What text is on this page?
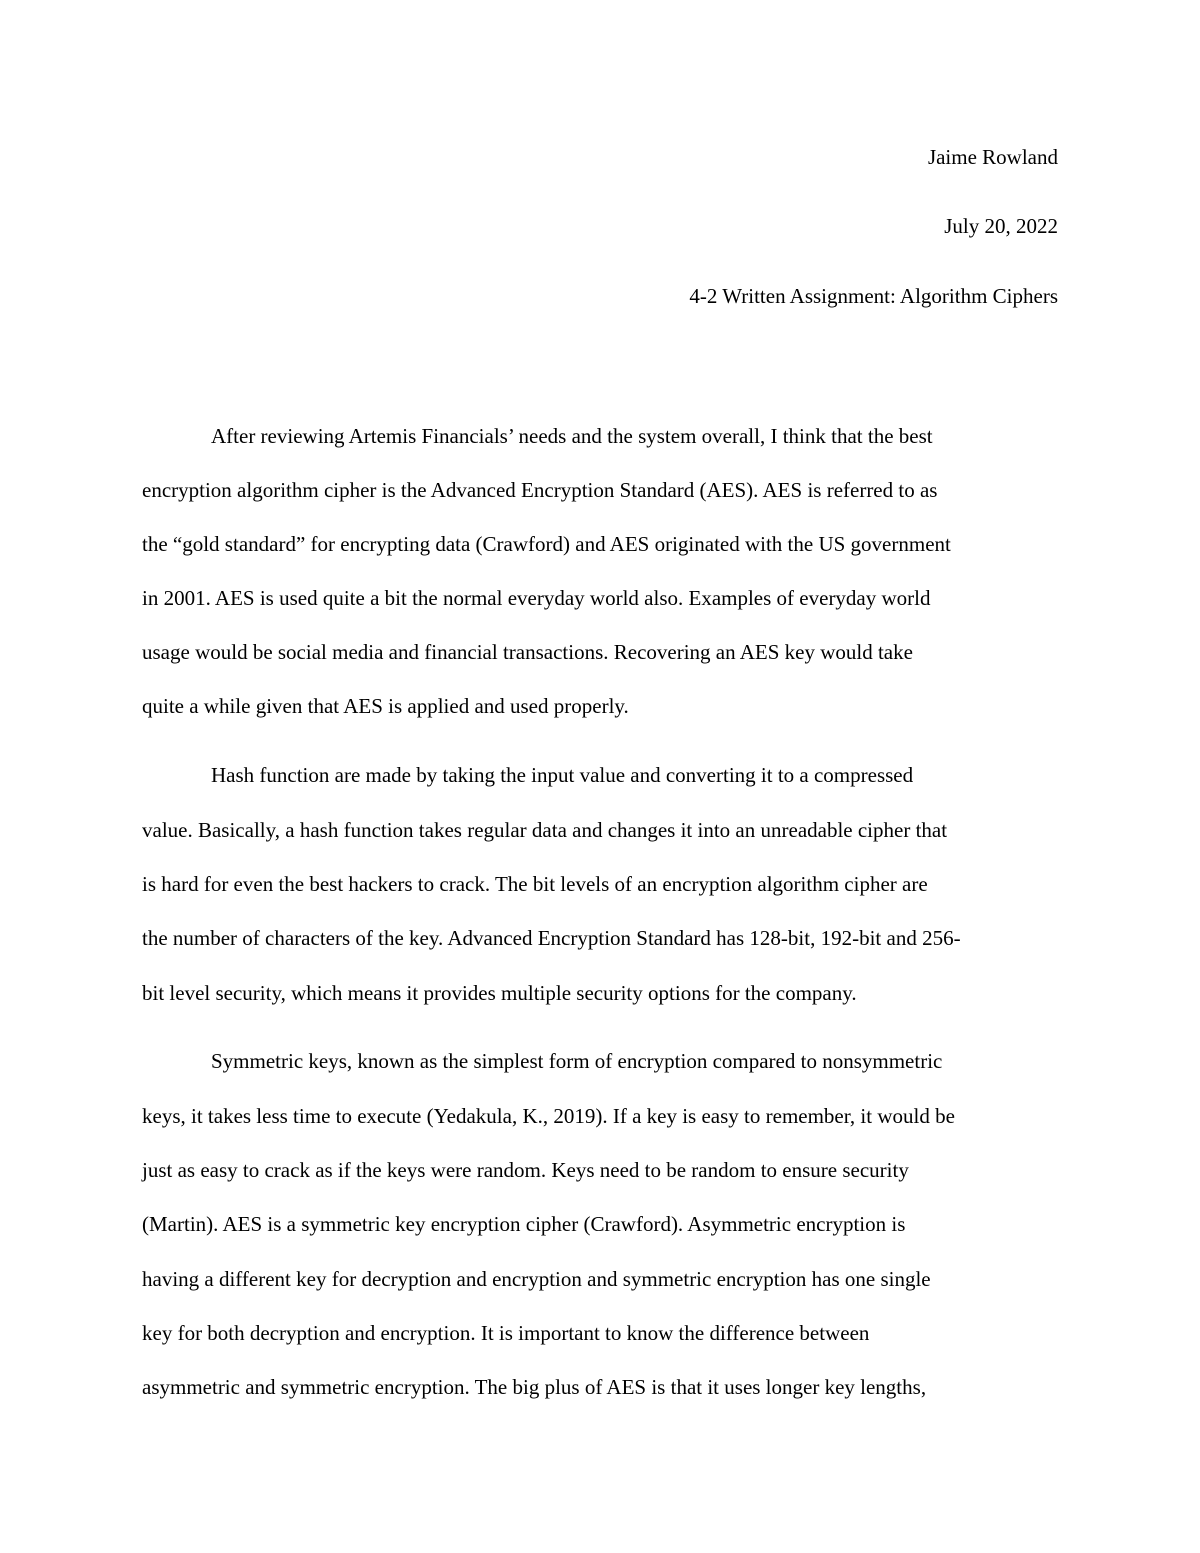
Jaime Rowland
July 20, 2022
4-2 Written Assignment: Algorithm Ciphers
After reviewing Artemis Financials’ needs and the system overall, I think that the best
encryption algorithm cipher is the Advanced Encryption Standard (AES). AES is referred to as
the “gold standard” for encrypting data (Crawford) and AES originated with the US government
in 2001. AES is used quite a bit the normal everyday world also. Examples of everyday world
usage would be social media and financial transactions. Recovering an AES key would take
quite a while given that AES is applied and used properly.
Hash function are made by taking the input value and converting it to a compressed
value. Basically, a hash function takes regular data and changes it into an unreadable cipher that
is hard for even the best hackers to crack. The bit levels of an encryption algorithm cipher are
the number of characters of the key. Advanced Encryption Standard has 128-bit, 192-bit and 256-
bit level security, which means it provides multiple security options for the company.
Symmetric keys, known as the simplest form of encryption compared to nonsymmetric
keys, it takes less time to execute (Yedakula, K., 2019). If a key is easy to remember, it would be
just as easy to crack as if the keys were random. Keys need to be random to ensure security
(Martin). AES is a symmetric key encryption cipher (Crawford). Asymmetric encryption is
having a different key for decryption and encryption and symmetric encryption has one single
key for both decryption and encryption. It is important to know the difference between
asymmetric and symmetric encryption. The big plus of AES is that it uses longer key lengths,
